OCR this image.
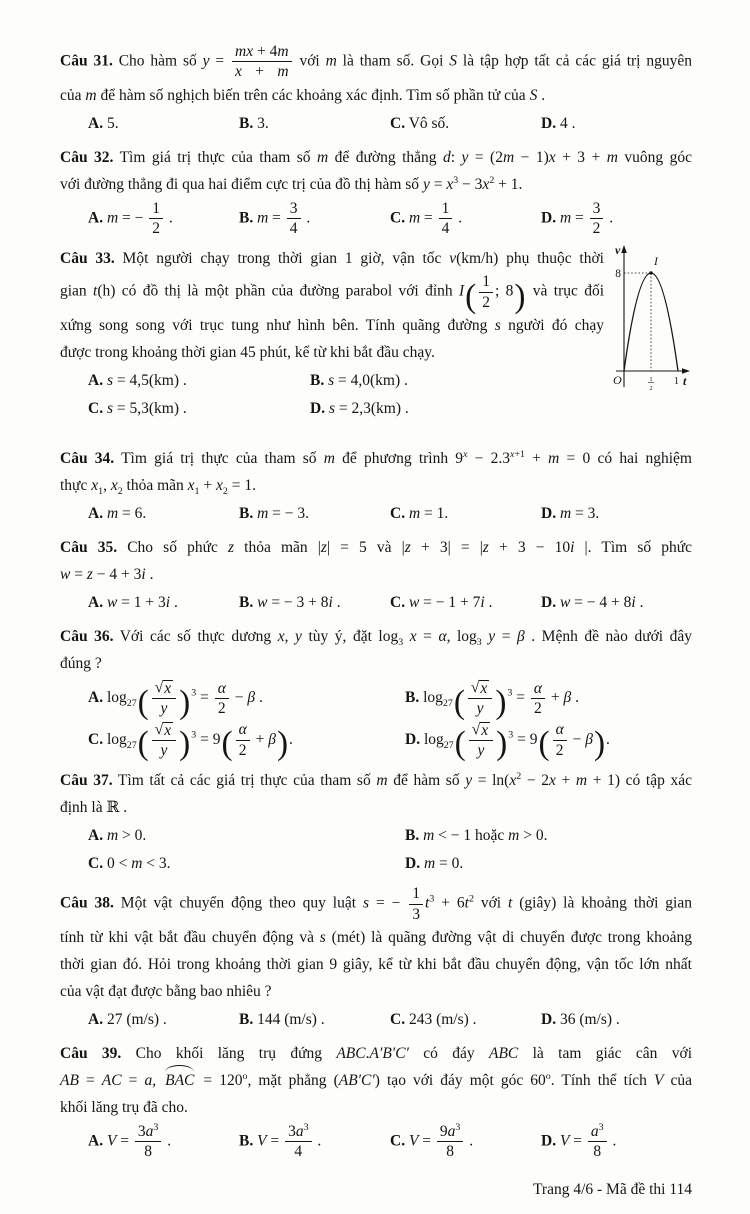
Câu 31. Cho hàm số $y = \frac{mx + 4m}{x + m}$ với m là tham số. Gọi S là tập hợp tất cả các giá trị nguyên
của m để hàm số nghịch biến trên các khoảng xác định. Tìm số phần tử của S .
A. 5.	B. 3.	C. Vô số.	D. 4 .
Câu 32. Tìm giá trị thực của tham số m để đường thẳng d: y = (2m − 1)x + 3 + m vuông góc
với đường thẳng đi qua hai điểm cực trị của đồ thị hàm số $y = x^3 - 3x^2 + 1$.
A. m = − $\frac{1}{2}$ .	B. $m = \frac{3}{4}$ .	C. $m = \frac{1}{4}$ .	D. $m = \frac{3}{2}$ .
v
8
I
O	t
1
1
2
Câu 33. Một người chạy trong thời gian 1 giờ, vận tốc v(km/h) phụ thuộc thời
gian t(h) có đồ thị là một phần của đường parabol với đỉnh $I( \frac{1}{2}$ ; 8) và trục đối
xứng song song với trục tung như hình bên. Tính quãng đường s người đó chạy
được trong khoảng thời gian 45 phút, kể từ khi bắt đầu chạy.
A. s = 4,5(km) .	B. s = 4,0(km) .
C. s = 5,3(km) .	D. s = 2,3(km) .
Câu 34. Tìm giá trị thực của tham số m để phương trình $9^x - 2.3^{x+1} + m = 0$ có hai nghiệm
thực $x_1$, $x_2$ thỏa mãn $x_1 + x_2 = 1$.
A. m = 6.	B. m = − 3.	C. m = 1.	D. m = 3.
Câu 35. Cho số phức z thỏa mãn |z| = 5 và |z + 3| = |z + 3 − 10i |. Tìm số phức
w = z − 4 + 3i .
A. w = 1 + 3i .	B. w = − 3 + 8i .	C. w = − 1 + 7i .	D. w = − 4 + 8i .
Câu 36. Với các số thực dương x, y tùy ý, đặt $\log_3 x = \alpha$, $\log_3 y = \beta$ . Mệnh đề nào dưới đây
đúng ?
A. $\log_{27}( \frac{√ x}{y} )^3 = \frac{\alpha}{2} - \beta$ .	B. $\log_{27}( \frac{√ x}{y} )^3 = \frac{\alpha}{2} + \beta$ .
C. $\log_{27}( \frac{√ x}{y} )^3 = 9( \frac{\alpha}{2} + \beta)$.	D. $\log_{27}( \frac{√ x}{y} )^3 = 9( \frac{\alpha}{2} - \beta)$.
Câu 37. Tìm tất cả các giá trị thực của tham số m để hàm số $y = \ln(x^2 - 2x + m + 1)$ có tập xác
định là ℝ .
A. m > 0.	B. m < − 1 hoặc m > 0.
C. 0 < m < 3.	D. m = 0.
Câu 38. Một vật chuyển động theo quy luật s = − $\frac{1}{3} t^3 + 6t^2$ với t (giây) là khoảng thời gian
tính từ khi vật bắt đầu chuyển động và s (mét) là quãng đường vật di chuyển được trong khoảng
thời gian đó. Hỏi trong khoảng thời gian 9 giây, kể từ khi bắt đầu chuyển động, vận tốc lớn nhất
của vật đạt được bằng bao nhiêu ?
A. 27 (m/s) .	B. 144 (m/s) .	C. 243 (m/s) .	D. 36 (m/s) .
Câu 39. Cho khối lăng trụ đứng ABC.A′B′C′ có đáy ABC là tam giác cân với
AB = AC = a, BAC = $120^o$, mặt phẳng (AB′C′) tạo với đáy một góc 60$^o$. Tính thể tích V của
khối lăng trụ đã cho.
A. $V = \frac{3a^3}{8}$ .	B. $V = \frac{3a^3}{4}$ .	C. $V = \frac{9a^3}{8}$ .	D. $V = \frac{a^3}{8}$ .
Trang 4/6 - Mã đề thi 114
